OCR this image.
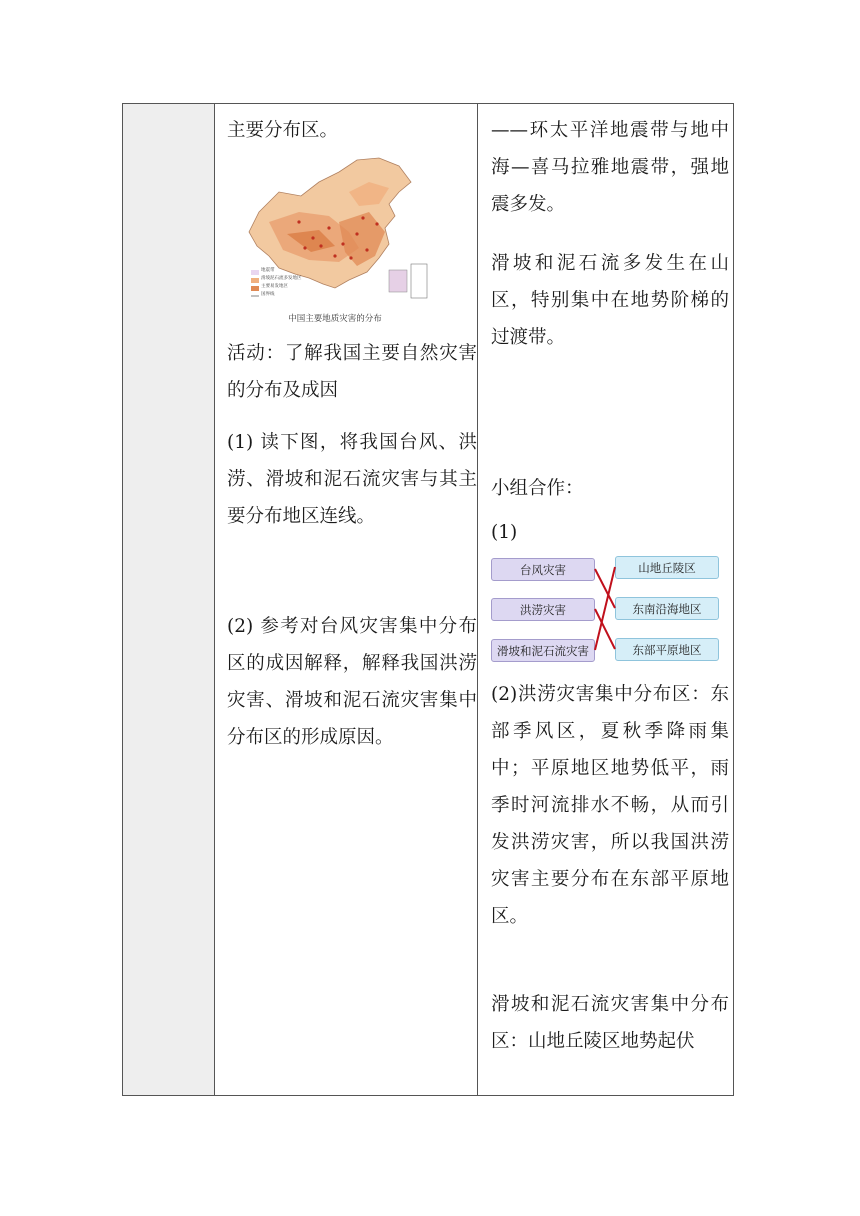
主要分布区。

地震带
滑坡泥石流多发地区
主要易发地区
国界线
中国主要地质灾害的分布

活动：了解我国主要自然灾害的分布及成因

(1) 读下图，将我国台风、洪涝、滑坡和泥石流灾害与其主要分布地区连线。

(2) 参考对台风灾害集中分布区的成因解释，解释我国洪涝灾害、滑坡和泥石流灾害集中分布区的形成原因。

——环太平洋地震带与地中海—喜马拉雅地震带，强地震多发。

滑坡和泥石流多发生在山区，特别集中在地势阶梯的过渡带。

小组合作：

(1)

台风灾害
洪涝灾害
滑坡和泥石流灾害
山地丘陵区
东南沿海地区
东部平原地区

(2)洪涝灾害集中分布区：东部季风区，夏秋季降雨集中；平原地区地势低平，雨季时河流排水不畅，从而引发洪涝灾害，所以我国洪涝灾害主要分布在东部平原地区。

滑坡和泥石流灾害集中分布区：山地丘陵区地势起伏
